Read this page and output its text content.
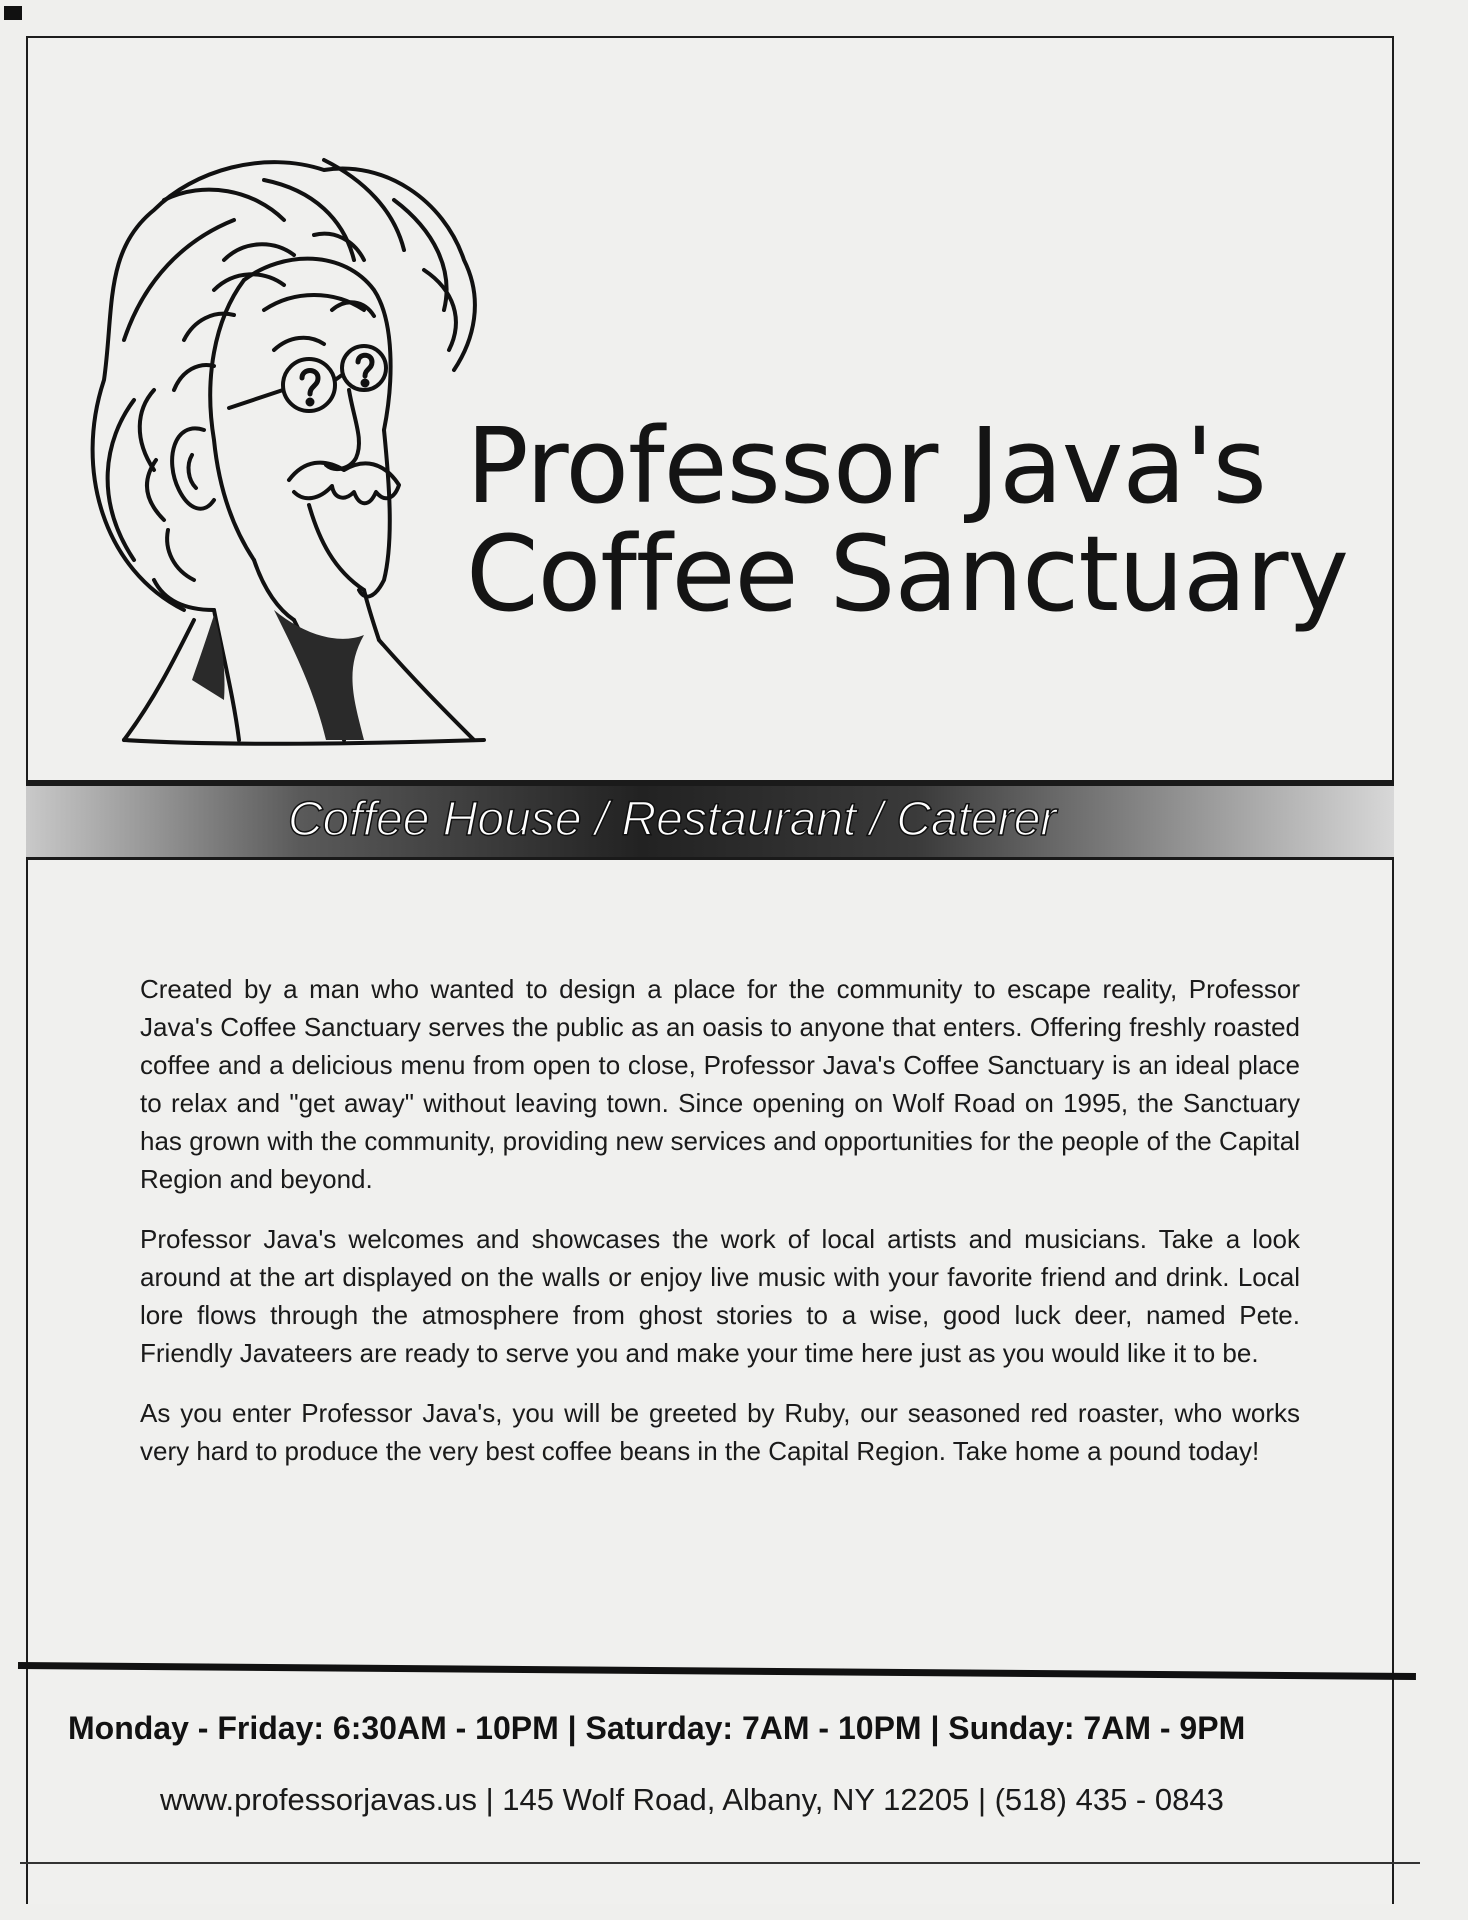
Professor Java's
Coffee Sanctuary
Coffee House / Restaurant / Caterer

Created by a man who wanted to design a place for the community to escape reality, Professor Java's Coffee Sanctuary serves the public as an oasis to anyone that enters. Offering freshly roasted coffee and a delicious menu from open to close, Professor Java's Coffee Sanctuary is an ideal place to relax and "get away" without leaving town. Since opening on Wolf Road on 1995, the Sanctuary has grown with the community, providing new services and opportunities for the people of the Capital Region and beyond.

Professor Java's welcomes and showcases the work of local artists and musicians. Take a look around at the art displayed on the walls or enjoy live music with your favorite friend and drink. Local lore flows through the atmosphere from ghost stories to a wise, good luck deer, named Pete. Friendly Javateers are ready to serve you and make your time here just as you would like it to be.

As you enter Professor Java's, you will be greeted by Ruby, our seasoned red roaster, who works very hard to produce the very best coffee beans in the Capital Region. Take home a pound today!

Monday - Friday: 6:30AM - 10PM | Saturday: 7AM - 10PM | Sunday: 7AM - 9PM
www.professorjavas.us | 145 Wolf Road, Albany, NY 12205 | (518) 435 - 0843
